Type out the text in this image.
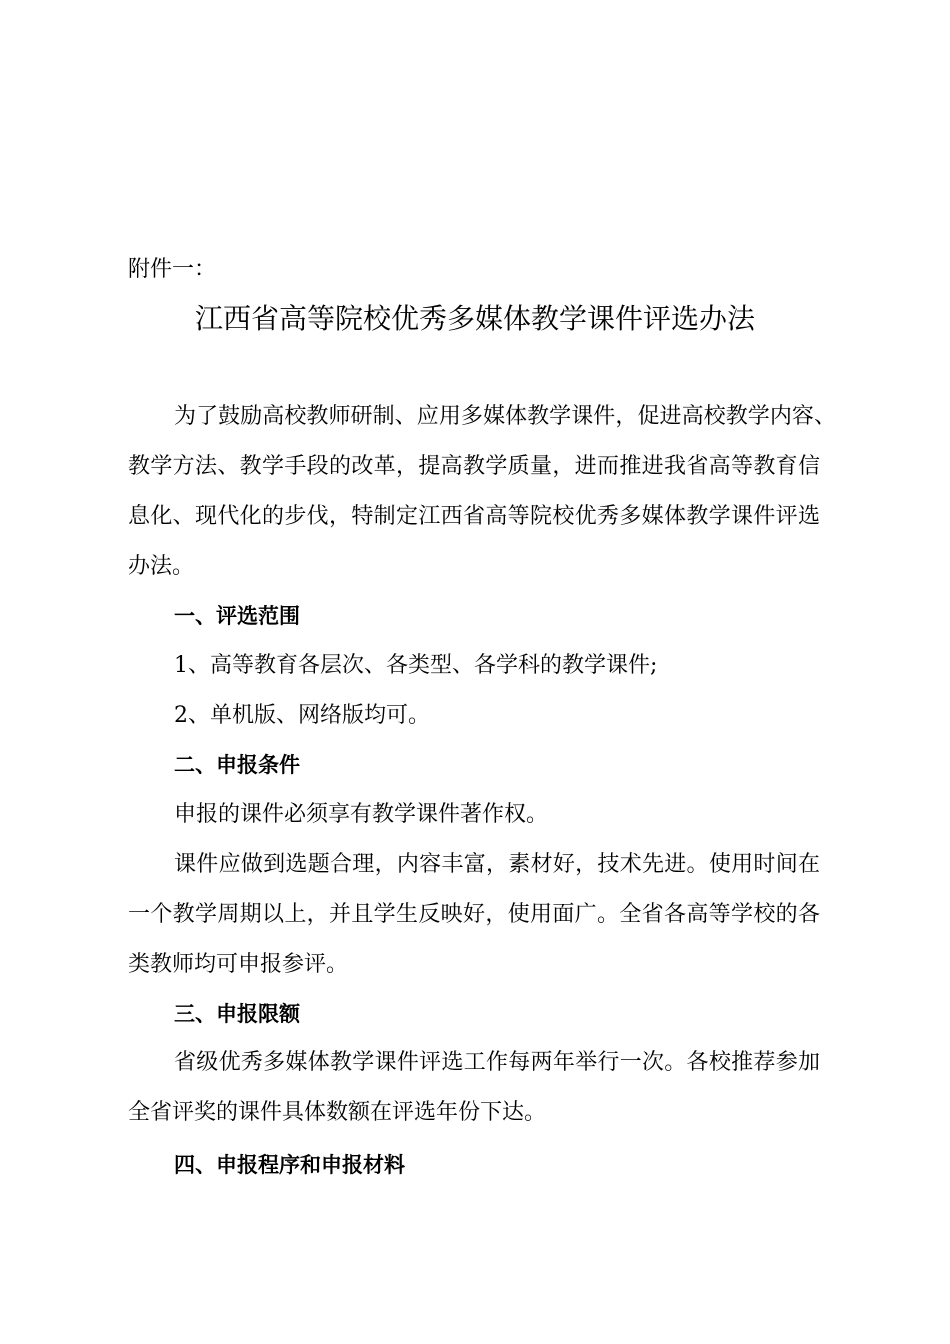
附件一：
江西省高等院校优秀多媒体教学课件评选办法
为了鼓励高校教师研制、应用多媒体教学课件，促进高校教学内容、
教学方法、教学手段的改革，提高教学质量，进而推进我省高等教育信
息化、现代化的步伐，特制定江西省高等院校优秀多媒体教学课件评选
办法。
一、评选范围
1、高等教育各层次、各类型、各学科的教学课件;
2、单机版、网络版均可。
二、申报条件
申报的课件必须享有教学课件著作权。
课件应做到选题合理，内容丰富，素材好，技术先进。使用时间在
一个教学周期以上，并且学生反映好，使用面广。全省各高等学校的各
类教师均可申报参评。
三、申报限额
省级优秀多媒体教学课件评选工作每两年举行一次。各校推荐参加
全省评奖的课件具体数额在评选年份下达。
四、申报程序和申报材料
